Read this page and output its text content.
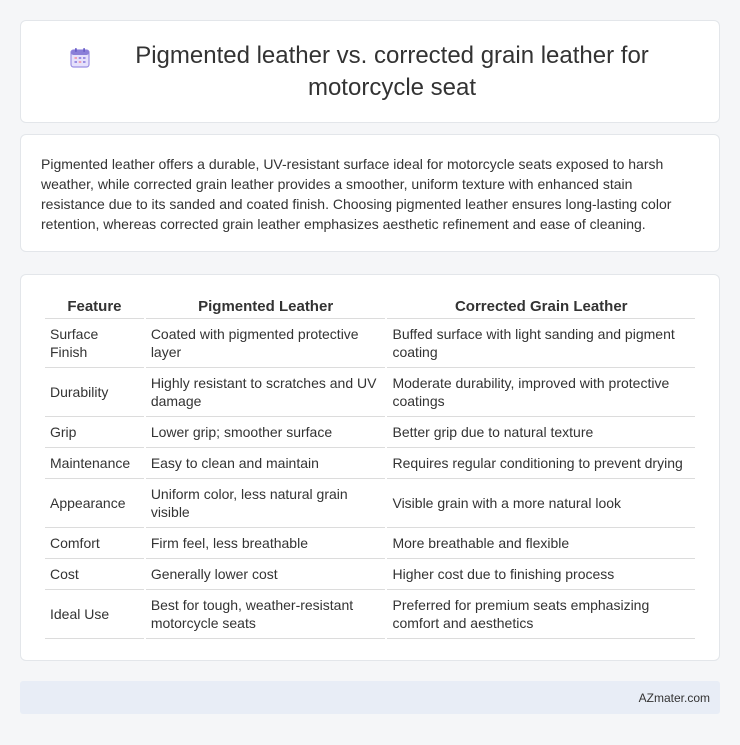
Pigmented leather vs. corrected grain leather for motorcycle seat

Pigmented leather offers a durable, UV-resistant surface ideal for motorcycle seats exposed to harsh weather, while corrected grain leather provides a smoother, uniform texture with enhanced stain resistance due to its sanded and coated finish. Choosing pigmented leather ensures long-lasting color retention, whereas corrected grain leather emphasizes aesthetic refinement and ease of cleaning.

Feature	Pigmented Leather	Corrected Grain Leather
Surface Finish	Coated with pigmented protective layer	Buffed surface with light sanding and pigment coating
Durability	Highly resistant to scratches and UV damage	Moderate durability, improved with protective coatings
Grip	Lower grip; smoother surface	Better grip due to natural texture
Maintenance	Easy to clean and maintain	Requires regular conditioning to prevent drying
Appearance	Uniform color, less natural grain visible	Visible grain with a more natural look
Comfort	Firm feel, less breathable	More breathable and flexible
Cost	Generally lower cost	Higher cost due to finishing process
Ideal Use	Best for tough, weather-resistant motorcycle seats	Preferred for premium seats emphasizing comfort and aesthetics
AZmater.com
